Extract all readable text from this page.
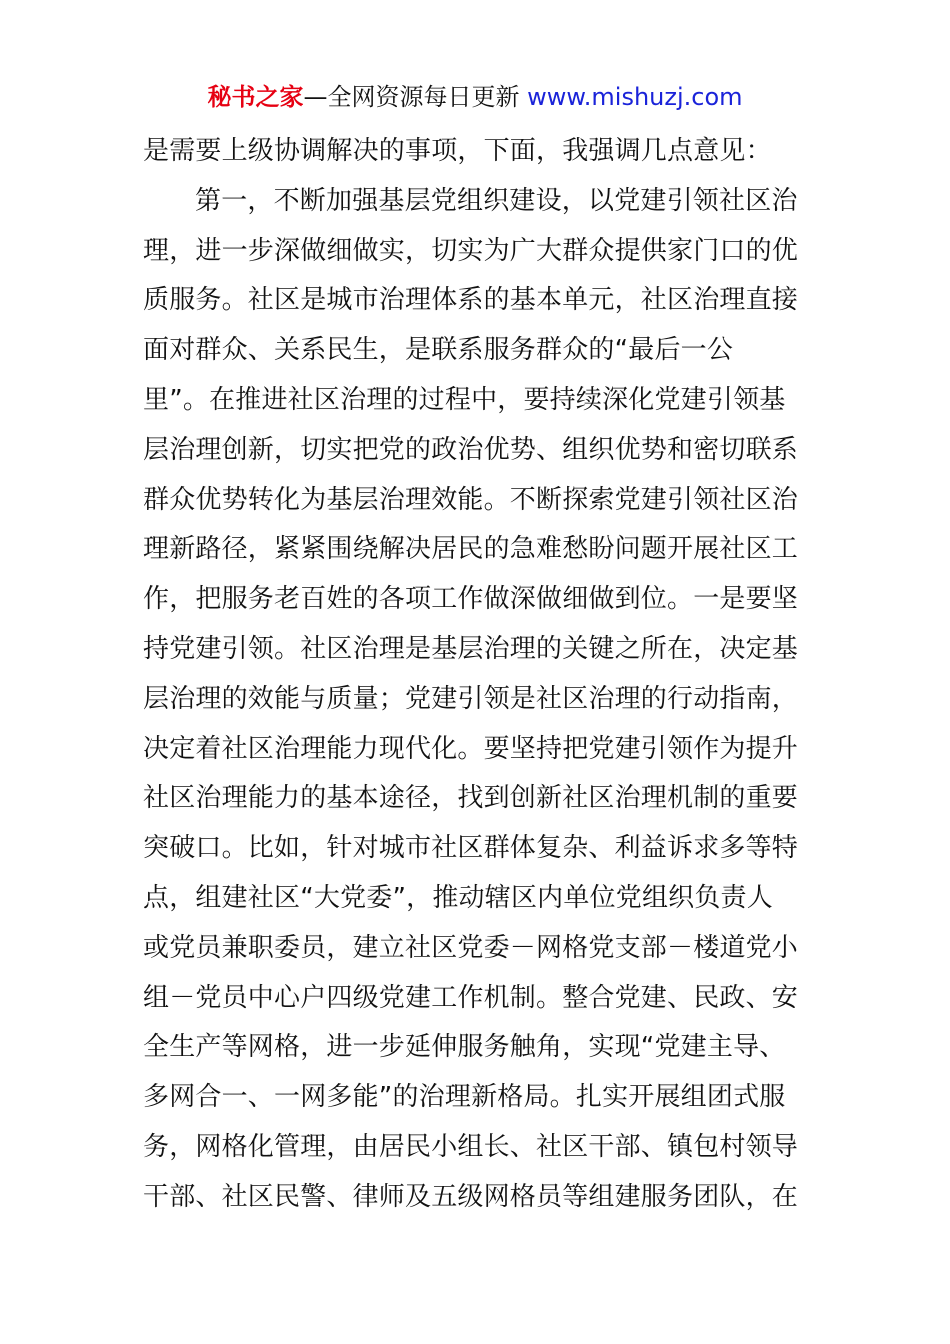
秘书之家—全网资源每日更新 www.mishuzj.com
是需要上级协调解决的事项，下面，我强调几点意见：
第一，不断加强基层党组织建设，以党建引领社区治
理，进一步深做细做实，切实为广大群众提供家门口的优
质服务。社区是城市治理体系的基本单元，社区治理直接
面对群众、关系民生，是联系服务群众的“最后一公
里”。在推进社区治理的过程中，要持续深化党建引领基
层治理创新，切实把党的政治优势、组织优势和密切联系
群众优势转化为基层治理效能。不断探索党建引领社区治
理新路径，紧紧围绕解决居民的急难愁盼问题开展社区工
作，把服务老百姓的各项工作做深做细做到位。一是要坚
持党建引领。社区治理是基层治理的关键之所在，决定基
层治理的效能与质量；党建引领是社区治理的行动指南，
决定着社区治理能力现代化。要坚持把党建引领作为提升
社区治理能力的基本途径，找到创新社区治理机制的重要
突破口。比如，针对城市社区群体复杂、利益诉求多等特
点，组建社区“大党委”，推动辖区内单位党组织负责人
或党员兼职委员，建立社区党委－网格党支部－楼道党小
组－党员中心户四级党建工作机制。整合党建、民政、安
全生产等网格，进一步延伸服务触角，实现“党建主导、
多网合一、一网多能”的治理新格局。扎实开展组团式服
务，网格化管理，由居民小组长、社区干部、镇包村领导
干部、社区民警、律师及五级网格员等组建服务团队，在
